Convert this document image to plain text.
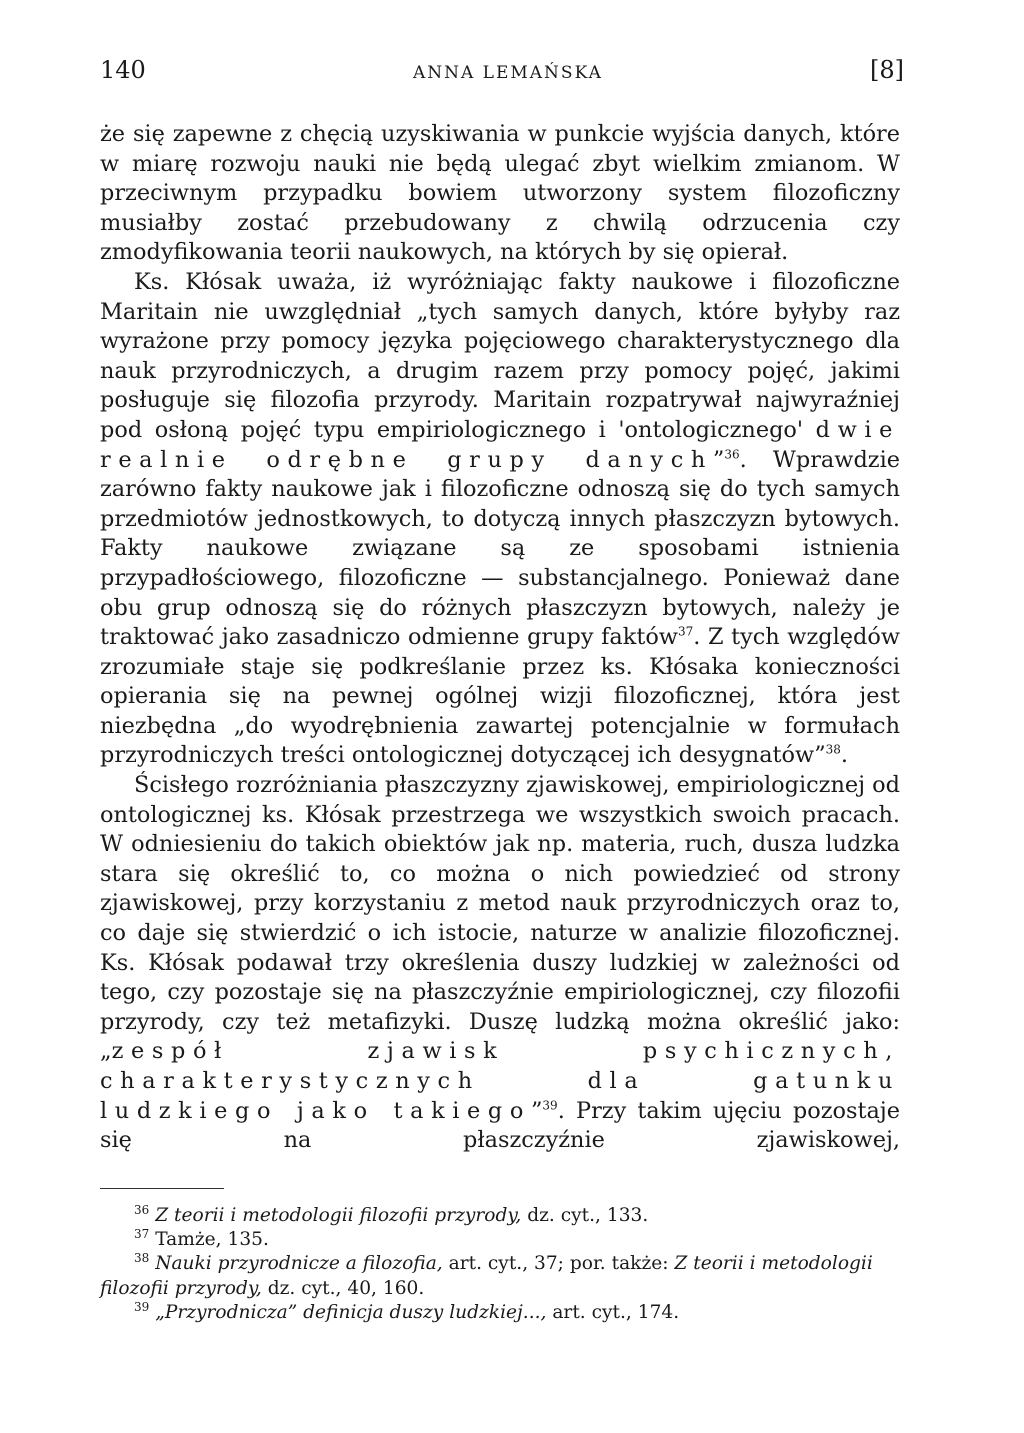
140	ANNA LEMAŃSKA	[8]

że się zapewne z chęcią uzyskiwania w punkcie wyjścia danych, które w miarę rozwoju nauki nie będą ulegać zbyt wielkim zmianom. W przeciwnym przypadku bowiem utworzony system filozoficzny musiałby zostać przebudowany z chwilą odrzucenia czy zmodyfikowania teorii naukowych, na których by się opierał.

Ks. Kłósak uważa, iż wyróżniając fakty naukowe i filozoficzne Maritain nie uwzględniał „tych samych danych, które byłyby raz wyrażone przy pomocy języka pojęciowego charakterystycznego dla nauk przyrodniczych, a drugim razem przy pomocy pojęć, jakimi posługuje się filozofia przyrody. Maritain rozpatrywał najwyraźniej pod osłoną pojęć typu empiriologicznego i 'ontologicznego' dwie realnie odrębne grupy danych”$^{36}$. Wprawdzie zarówno fakty naukowe jak i filozoficzne odnoszą się do tych samych przedmiotów jednostkowych, to dotyczą innych płaszczyzn bytowych. Fakty naukowe związane są ze sposobami istnienia przypadłościowego, filozoficzne — substancjalnego. Ponieważ dane obu grup odnoszą się do różnych płaszczyzn bytowych, należy je traktować jako zasadniczo odmienne grupy faktów$^{37}$. Z tych względów zrozumiałe staje się podkreślanie przez ks. Kłósaka konieczności opierania się na pewnej ogólnej wizji filozoficznej, która jest niezbędna „do wyodrębnienia zawartej potencjalnie w formułach przyrodniczych treści ontologicznej dotyczącej ich desygnatów”$^{38}$.

Ścisłego rozróżniania płaszczyzny zjawiskowej, empiriologicznej od ontologicznej ks. Kłósak przestrzega we wszystkich swoich pracach. W odniesieniu do takich obiektów jak np. materia, ruch, dusza ludzka stara się określić to, co można o nich powiedzieć od strony zjawiskowej, przy korzystaniu z metod nauk przyrodniczych oraz to, co daje się stwierdzić o ich istocie, naturze w analizie filozoficznej. Ks. Kłósak podawał trzy określenia duszy ludzkiej w zależności od tego, czy pozostaje się na płaszczyźnie empiriologicznej, czy filozofii przyrody, czy też metafizyki. Duszę ludzką można określić jako: „zespół zjawisk psychicznych, charakterystycznych dla gatunku ludzkiego jako takiego”$^{39}$. Przy takim ujęciu pozostaje się na płaszczyźnie zjawiskowej,

$^{36}$ Z teorii i metodologii filozofii przyrody, dz. cyt., 133.

$^{37}$ Tamże, 135.

$^{38}$ Nauki przyrodnicze a filozofia, art. cyt., 37; por. także: Z teorii i metodologii filozofii przyrody, dz. cyt., 40, 160.

$^{39}$ „Przyrodnicza” definicja duszy ludzkiej..., art. cyt., 174.
